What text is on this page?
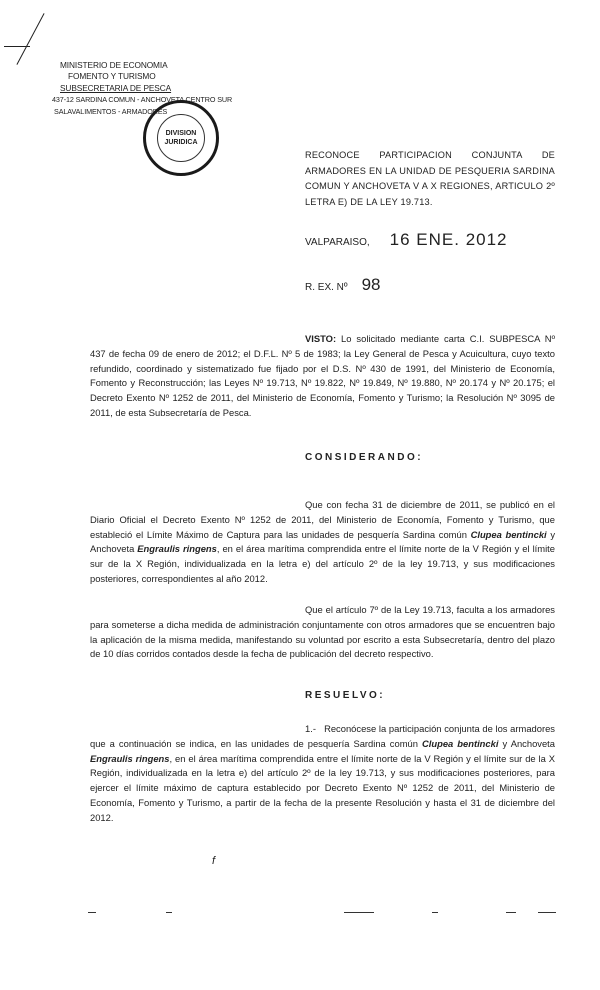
MINISTERIO DE ECONOMIA
FOMENTO Y TURISMO
SUBSECRETARIA DE PESCA
437-12 SARDINA COMUN - ANCHOVETA CENTRO SUR
SALAVALIMENTOS - ARMADORES
DIVISION
JURIDICA
RECONOCE PARTICIPACION CONJUNTA DE ARMADORES EN LA UNIDAD DE PESQUERIA SARDINA COMUN Y ANCHOVETA V A X REGIONES, ARTICULO 2º LETRA E) DE LA LEY 19.713.
VALPARAISO, 16 ENE. 2012
R. EX. Nº 98
VISTO: Lo solicitado mediante carta C.I. SUBPESCA Nº 437 de fecha 09 de enero de 2012; el D.F.L. Nº 5 de 1983; la Ley General de Pesca y Acuicultura, cuyo texto refundido, coordinado y sistematizado fue fijado por el D.S. Nº 430 de 1991, del Ministerio de Economía, Fomento y Reconstrucción; las Leyes Nº 19.713, Nº 19.822, Nº 19.849, Nº 19.880, Nº 20.174 y Nº 20.175; el Decreto Exento Nº 1252 de 2011, del Ministerio de Economía, Fomento y Turismo; la Resolución Nº 3095 de 2011, de esta Subsecretaría de Pesca.
CONSIDERANDO:
Que con fecha 31 de diciembre de 2011, se publicó en el Diario Oficial el Decreto Exento Nº 1252 de 2011, del Ministerio de Economía, Fomento y Turismo, que estableció el Límite Máximo de Captura para las unidades de pesquería Sardina común Clupea bentincki y Anchoveta Engraulis ringens, en el área marítima comprendida entre el límite norte de la V Región y el límite sur de la X Región, individualizada en la letra e) del artículo 2º de la ley 19.713, y sus modificaciones posteriores, correspondientes al año 2012.
Que el artículo 7º de la Ley 19.713, faculta a los armadores para someterse a dicha medida de administración conjuntamente con otros armadores que se encuentren bajo la aplicación de la misma medida, manifestando su voluntad por escrito a esta Subsecretaría, dentro del plazo de 10 días corridos contados desde la fecha de publicación del decreto respectivo.
RESUELVO:
1.- Reconócese la participación conjunta de los armadores que a continuación se indica, en las unidades de pesquería Sardina común Clupea bentincki y Anchoveta Engraulis ringens, en el área marítima comprendida entre el límite norte de la V Región y el límite sur de la X Región, individualizada en la letra e) del artículo 2º de la ley 19.713, y sus modificaciones posteriores, para ejercer el límite máximo de captura establecido por Decreto Exento Nº 1252 de 2011, del Ministerio de Economía, Fomento y Turismo, a partir de la fecha de la presente Resolución y hasta el 31 de diciembre del 2012.
f
